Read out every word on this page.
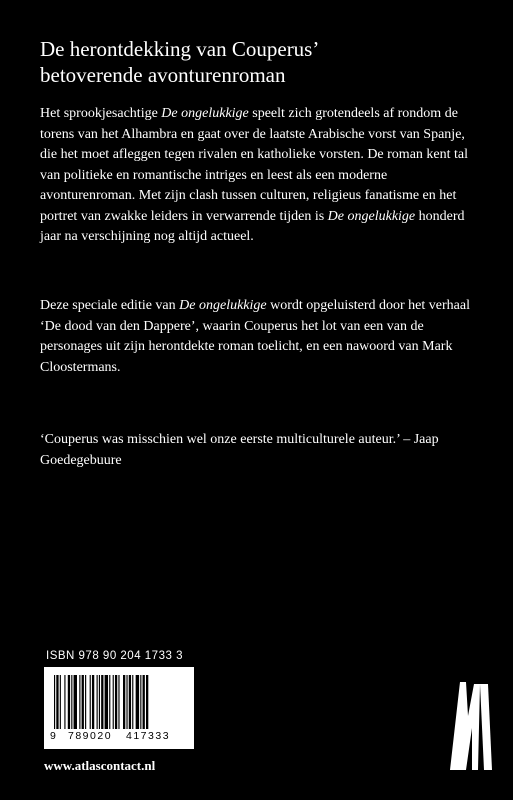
De herontdekking van Couperus’
betoverende avonturenroman

Het sprookjesachtige De ongelukkige speelt zich grotendeels af rondom de torens van het Alhambra en gaat over de laatste Arabische vorst van Spanje, die het moet afleggen tegen rivalen en katholieke vorsten. De roman kent tal van politieke en romantische intriges en leest als een moderne avonturenroman. Met zijn clash tussen culturen, religieus fanatisme en het portret van zwakke leiders in verwarrende tijden is De ongelukkige honderd jaar na verschijning nog altijd actueel.

Deze speciale editie van De ongelukkige wordt opgeluisterd door het verhaal ‘De dood van den Dappere’, waarin Couperus het lot van een van de personages uit zijn herontdekte roman toelicht, en een nawoord van Mark Cloostermans.

‘Couperus was misschien wel onze eerste multiculturele auteur.’ – Jaap Goedegebuure

ISBN 978 90 204 1733 3
9 789020 417333
www.atlascontact.nl
